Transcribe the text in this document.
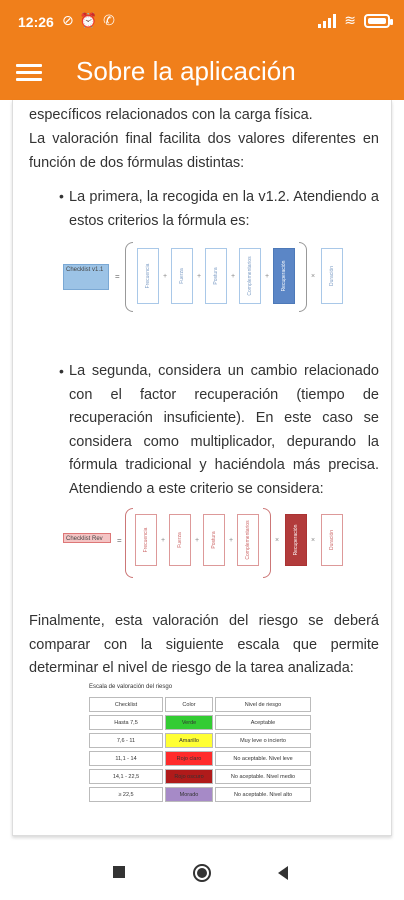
12:26 ⊘ ⏰ ✆	≋
Sobre la aplicación
específicos relacionados con la carga física.
La valoración final facilita dos valores diferentes en función de dos fórmulas distintas:
• La primera, la recogida en la v1.2. Atendiendo a estos criterios la fórmula es:
Checklist v1.1
=	Frecuencia + Fuerza + Postura + Complementarios + Recuperación	×	Duración
• La segunda, considera un cambio relacionado con el factor recuperación (tiempo de recuperación insuficiente). En este caso se considera como multiplicador, depurando la fórmula tradicional y haciéndola más precisa. Atendiendo a este criterio se considera:
Checklist Rev	=	Frecuencia + Fuerza + Postura + Complementarios	×	Recuperación ×	Duración
Finalmente, esta valoración del riesgo se deberá comparar con la siguiente escala que permite determinar el nivel de riesgo de la tarea analizada:
Escala de valoración del riesgo
Checklist	Color	Nivel de riesgo
Hasta 7,5	Verde	Aceptable
7,6 - 11	Amarillo	Muy leve o incierto
11,1 - 14	Rojo claro	No aceptable. Nivel leve
14,1 - 22,5	Rojo oscuro	No aceptable. Nivel medio
≥ 22,5	Morado	No aceptable. Nivel alto
